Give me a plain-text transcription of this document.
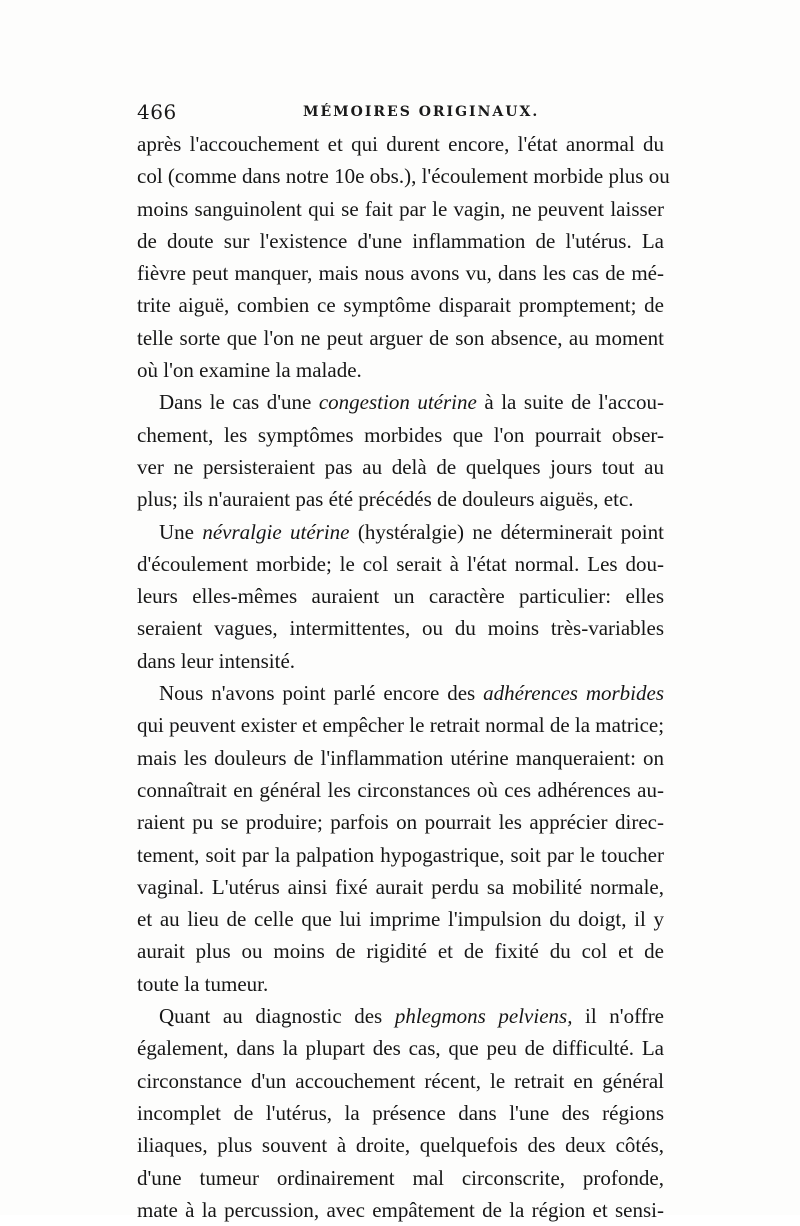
466	MÉMOIRES ORIGINAUX.

après l'accouchement et qui durent encore, l'état anormal du
col (comme dans notre 10e obs.), l'écoulement morbide plus ou
moins sanguinolent qui se fait par le vagin, ne peuvent laisser
de doute sur l'existence d'une inflammation de l'utérus. La
fièvre peut manquer, mais nous avons vu, dans les cas de mé-
trite aiguë, combien ce symptôme disparait promptement; de
telle sorte que l'on ne peut arguer de son absence, au moment
où l'on examine la malade.

Dans le cas d'une congestion utérine à la suite de l'accou-
chement, les symptômes morbides que l'on pourrait obser-
ver ne persisteraient pas au delà de quelques jours tout au
plus; ils n'auraient pas été précédés de douleurs aiguës, etc.

Une névralgie utérine (hystéralgie) ne déterminerait point
d'écoulement morbide; le col serait à l'état normal. Les dou-
leurs elles-mêmes auraient un caractère particulier: elles
seraient vagues, intermittentes, ou du moins très-variables
dans leur intensité.

Nous n'avons point parlé encore des adhérences morbides
qui peuvent exister et empêcher le retrait normal de la matrice;
mais les douleurs de l'inflammation utérine manqueraient: on
connaîtrait en général les circonstances où ces adhérences au-
raient pu se produire; parfois on pourrait les apprécier direc-
tement, soit par la palpation hypogastrique, soit par le toucher
vaginal. L'utérus ainsi fixé aurait perdu sa mobilité normale,
et au lieu de celle que lui imprime l'impulsion du doigt, il y
aurait plus ou moins de rigidité et de fixité du col et de
toute la tumeur.

Quant au diagnostic des phlegmons pelviens, il n'offre
également, dans la plupart des cas, que peu de difficulté. La
circonstance d'un accouchement récent, le retrait en général
incomplet de l'utérus, la présence dans l'une des régions
iliaques, plus souvent à droite, quelquefois des deux côtés,
d'une tumeur ordinairement mal circonscrite, profonde,
mate à la percussion, avec empâtement de la région et sensi-
